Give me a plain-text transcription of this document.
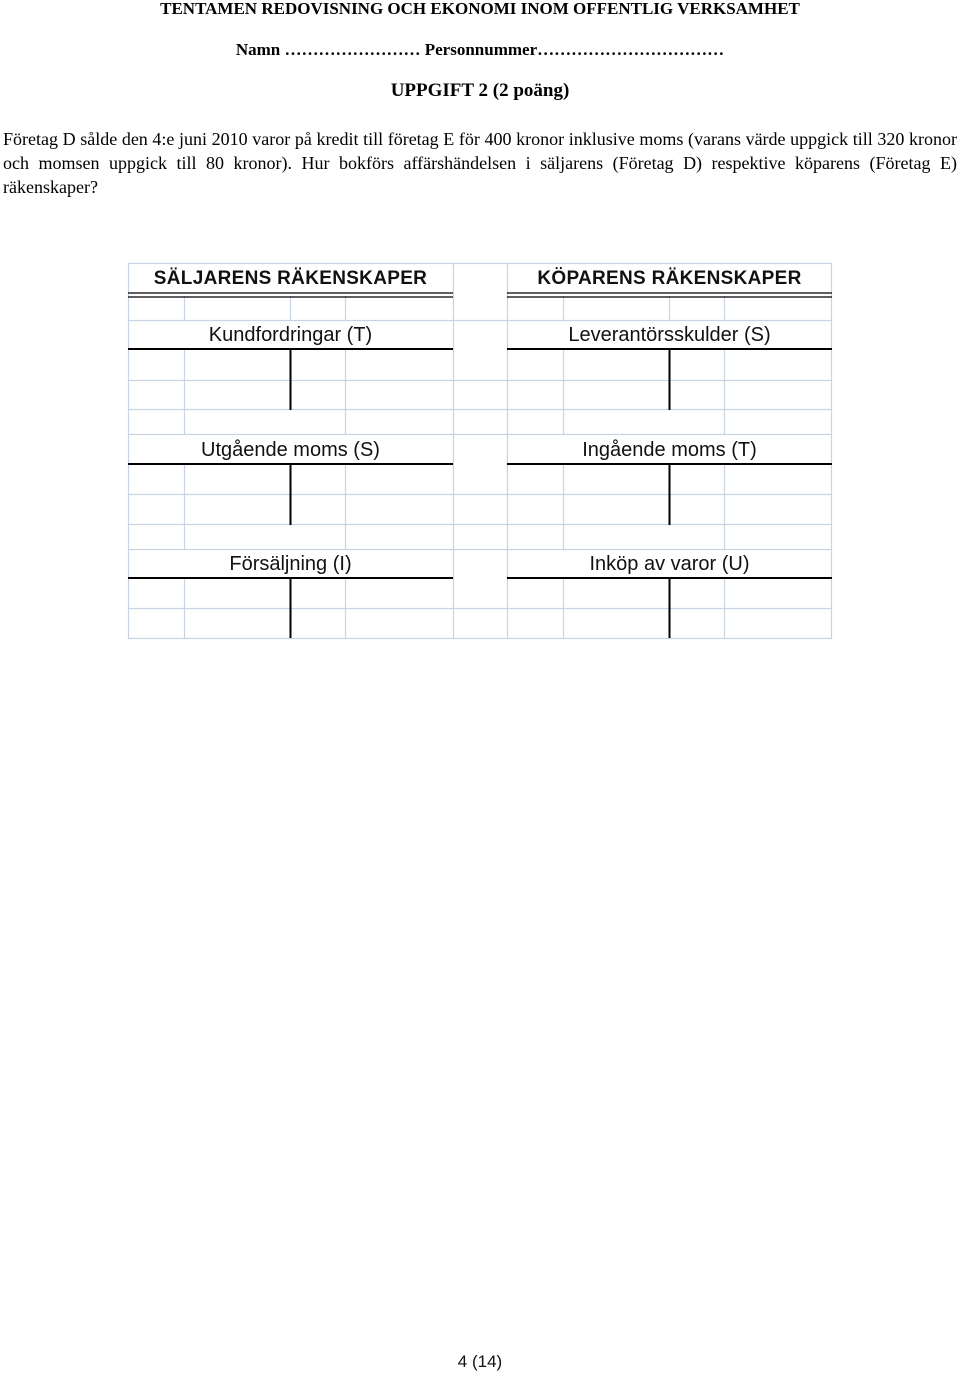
TENTAMEN REDOVISNING OCH EKONOMI INOM OFFENTLIG VERKSAMHET
Namn …………………… Personnummer……………………………
UPPGIFT 2 (2 poäng)
Företag D sålde den 4:e juni 2010 varor på kredit till företag E för 400 kronor inklusive moms (varans värde uppgick till 320 kronor och momsen uppgick till 80 kronor). Hur bokförs affärshändelsen i säljarens (Företag D) respektive köparens (Företag E) räkenskaper?
SÄLJARENS RÄKENSKAPER	KÖPARENS RÄKENSKAPER
Kundfordringar (T)	Leverantörsskulder (S)
Utgående moms (S)	Ingående moms (T)
Försäljning (I)	Inköp av varor (U)
4 (14)
